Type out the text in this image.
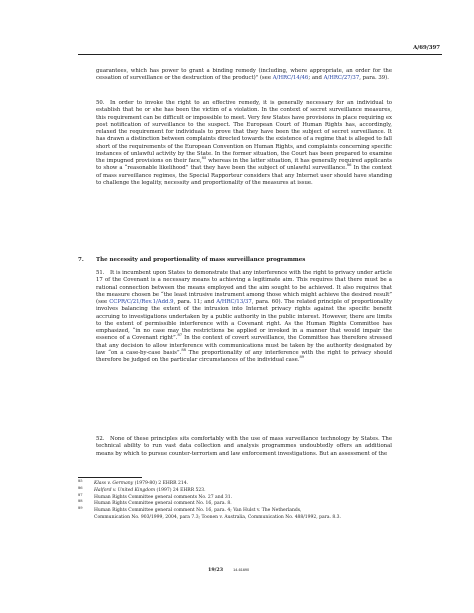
A/69/397
guarantees, which has power to grant a binding remedy (including, where appropriate, an order for the cessation of surveillance or the destruction of the product)" (see A/HRC/14/46; and A/HRC/27/37, para. 39).
50. In order to invoke the right to an effective remedy, it is generally necessary for an individual to establish that he or she has been the victim of a violation. In the context of secret surveillance measures, this requirement can be difficult or impossible to meet. Very few States have provisions in place requiring ex post notification of surveillance to the suspect. The European Court of Human Rights has, accordingly, relaxed the requirement for individuals to prove that they have been the subject of secret surveillance. It has drawn a distinction between complaints directed towards the existence of a regime that is alleged to fall short of the requirements of the European Convention on Human Rights, and complaints concerning specific instances of unlawful activity by the State. In the former situation, the Court has been prepared to examine the impugned provisions on their face,$^{85}$ whereas in the latter situation, it has generally required applicants to show a “reasonable likelihood” that they have been the subject of unlawful surveillance.$^{86}$ In the context of mass surveillance regimes, the Special Rapporteur considers that any Internet user should have standing to challenge the legality, necessity and proportionality of the measures at issue.
7. The necessity and proportionality of mass surveillance programmes
51. It is incumbent upon States to demonstrate that any interference with the right to privacy under article 17 of the Covenant is a necessary means to achieving a legitimate aim. This requires that there must be a rational connection between the means employed and the aim sought to be achieved. It also requires that the measure chosen be “the least intrusive instrument among those which might achieve the desired result” (see CCPR/C/21/Rev.1/Add.9, para. 11; and A/HRC/13/37, para. 60). The related principle of proportionality involves balancing the extent of the intrusion into Internet privacy rights against the specific benefit accruing to investigations undertaken by a public authority in the public interest. However, there are limits to the extent of permissible interference with a Covenant right. As the Human Rights Committee has emphasized, “in no case may the restrictions be applied or invoked in a manner that would impair the essence of a Covenant right”.$^{87}$ In the context of covert surveillance, the Committee has therefore stressed that any decision to allow interference with communications must be taken by the authority designated by law “on a case-by-case basis”.$^{88}$ The proportionality of any interference with the right to privacy should therefore be judged on the particular circumstances of the individual case.$^{89}$
52. None of these principles sits comfortably with the use of mass surveillance technology by States. The technical ability to run vast data collection and analysis programmes undoubtedly offers an additional means by which to pursue counter-terrorism and law enforcement investigations. But an assessment of the
$^{85}$	Klass v. Germany (1979-80) 2 EHRR 214.
$^{86}$	Halford v. United Kingdom (1997) 24 EHRR 523.
$^{87}$	Human Rights Committee general comments No. 27 and 31.
$^{88}$	Human Rights Committee general comment No. 16, para. 8.
$^{89}$	Human Rights Committee general comment No. 16, para. 4; Van Hulst v. The Netherlands,
Communication No. 903/1999, 2004, para 7.3; Toonen v. Australia, Communication No. 488/1992, para. 8.3.
19/23	14-61690
